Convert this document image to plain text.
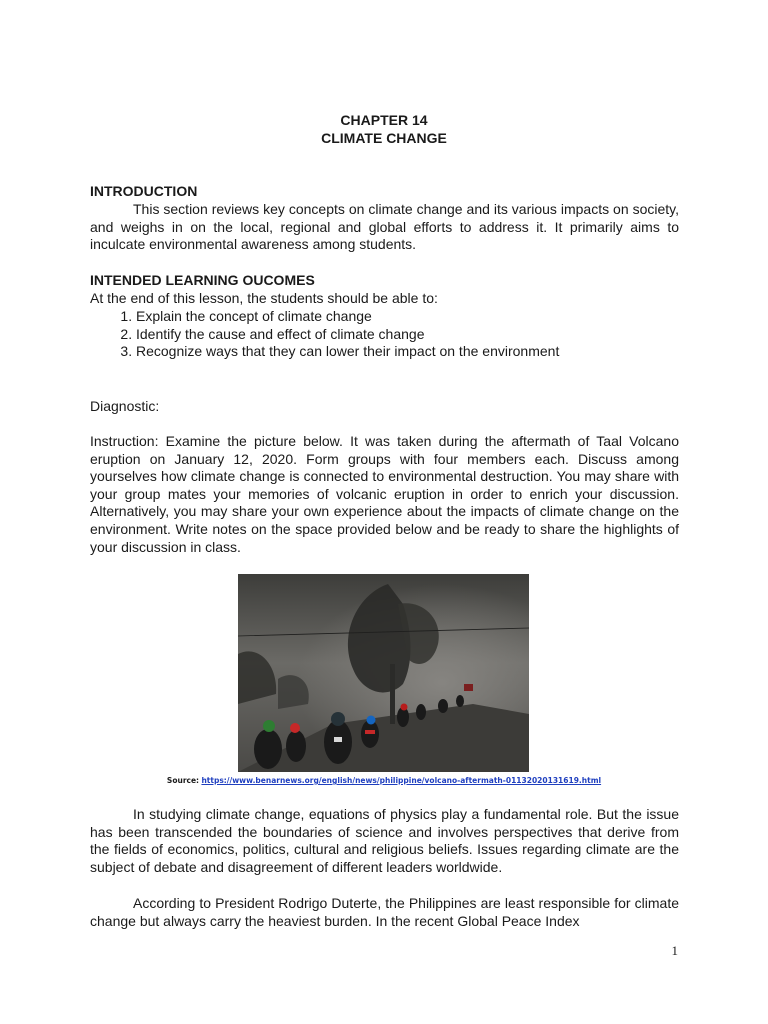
CHAPTER 14
CLIMATE CHANGE
INTRODUCTION
This section reviews key concepts on climate change and its various impacts on society, and weighs in on the local, regional and global efforts to address it. It primarily aims to inculcate environmental awareness among students.
INTENDED LEARNING OUCOMES
At the end of this lesson, the students should be able to:
1. Explain the concept of climate change
2. Identify the cause and effect of climate change
3. Recognize ways that they can lower their impact on the environment
Diagnostic:
Instruction: Examine the picture below. It was taken during the aftermath of Taal Volcano eruption on January 12, 2020. Form groups with four members each. Discuss among yourselves how climate change is connected to environmental destruction. You may share with your group mates your memories of volcanic eruption in order to enrich your discussion. Alternatively, you may share your own experience about the impacts of climate change on the environment. Write notes on the space provided below and be ready to share the highlights of your discussion in class.
Source: https://www.benarnews.org/english/news/philippine/volcano-aftermath-01132020131619.html
In studying climate change, equations of physics play a fundamental role. But the issue has been transcended the boundaries of science and involves perspectives that derive from the fields of economics, politics, cultural and religious beliefs. Issues regarding climate are the subject of debate and disagreement of different leaders worldwide.
According to President Rodrigo Duterte, the Philippines are least responsible for climate change but always carry the heaviest burden. In the recent Global Peace Index
1
